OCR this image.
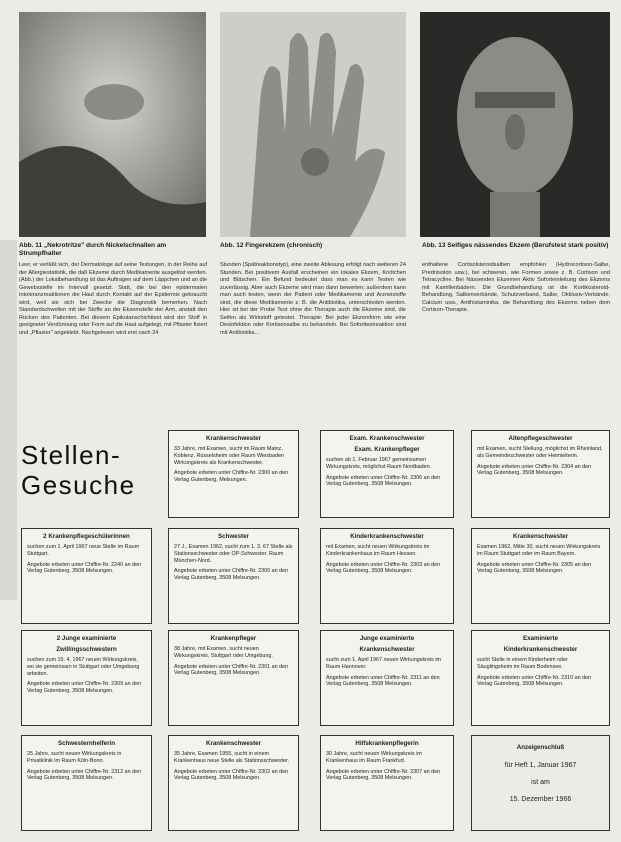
Abb. 11 „Nekrotritze" durch Nickelschnallen am Strumpfhalter
Abb. 12 Fingerekzem (chronisch)	Abb. 13 Seifiges nässendes Ekzem (Berufstest stark positiv)

Leer, er verläßt sich, der Dermatologe auf seine Testungen, in der Reihe auf der Allergiestatistik, die daß Ekzeme durch Medikamente ausgelöst werden. (Abb.) der Lokalbehandlung ist das Auftragen auf dem Läppchen und an die Gewebsstelle im Intervall gesetzt. Statt, die bei den epidermalen Intoleranzreaktionen die Haut durch Kontakt auf der Epidermis gebraucht wird, weil sie sich bei Zwecke die Diagnostik bemerken. Nach Standardschwellen mit der Stoffe an der Ekzemstelle der Arm, anstatt den Rücken des Patienten. Bei diesem Epikutanschichttest wird der Stoff in geeigneter Verdünnung oder Form auf die Haut aufgelegt, mit Pflaster fixiert und „Pflaster" angeklebt. Nachgelesen wird erst nach 24

Stunden (Spätreaktionstyp), eine zweite Ablesung erfolgt nach weiteren 24 Stunden. Bei positivem Ausfall erscheinen ein lokales Ekzem, Knötchen und Bläschen. Ein Befund bedeutet dass man es kann Testen wie zuverlässig. Aber auch Ekzeme wird man dann bewerten; außerdem kann man auch testen, wenn der Patient oder Medikamente und Arzneistoffe sind, die diese Medikamente z. B. die Antibiotika, unterschieden werden. Hier ist bei der Probe Test ohne die Therapie auch die Ekzeme sind, die Seifen als Wirkstoff getestet. Therapie: Bei jeder Ekzemform wie eine Desinfektion oder Kortisonsalbe zu behandeln. Bei Soforttestreaktion sind mit Antibiotika...

enthaltene Cortisolsteroidsalben empfohlen (Hydrocortison-Salbe, Prednisolon usw.), bei schweren, wie Formen sowie z. B. Cortison und Tetracycline. Bei Nässenden Ekzemen Aktiv Soforteinleitung des Ekzems mit Kamillenbädern. Die Grundbehandlung ist die Kortikosteroid-Behandlung, Salbenverbände, Schutzverband, Salbe, Okklusiv-Verbände, Calcium usw., Antihistaminika, die Behandlung des Ekzems neben dem Cortison-Therapie.

Stellen-
Gesuche
Krankenschwester
33 Jahre, mit Examen, sucht im Raum Mainz, Koblenz, Rüsselsheim oder Raum Wiesbaden Wirkungskreis als Krankenschwester.
Angebote erbeten unter Chiffre-Nr. 2300 an den Verlag Gutenberg, Melsungen.
Exam. Krankenschwester
Exam. Krankenpfleger
suchen ab 1. Februar 1967 gemeinsamen Wirkungskreis, möglichst Raum Nordbaden.
Angebote erbeten unter Chiffre-Nr. 2306 an den Verlag Gutenberg, 3508 Melsungen.
Altenpflegeschwester
mit Examen, sucht Stellung, möglichst im Rheinland, als Gemeindeschwester oder Heimleiterin.
Angebote erbeten unter Chiffre-Nr. 2304 an den Verlag Gutenberg, 3508 Melsungen.
2 Krankenpflegeschülerinnen
suchen zum 1. April 1967 neue Stelle im Raum Stuttgart.
Angebote erbeten unter Chiffre-Nr. 2240 an den Verlag Gutenberg, 3508 Melsungen.
Schwester
27 J., Examen 1962, sucht zum 1. 3. 67 Stelle als Stationsschwester oder OP-Schwester. Raum München-Nord.
Angebote erbeten unter Chiffre-Nr. 2300 an den Verlag Gutenberg, 3508 Melsungen.
Kinderkrankenschwester
mit Examen, sucht neuen Wirkungskreis im Kinderkrankenhaus im Raum Hessen.
Angebote erbeten unter Chiffre-Nr. 2303 an den Verlag Gutenberg, 3508 Melsungen.
Krankenschwester
Examen 1962, Mitte 30, sucht neuen Wirkungskreis im Raum Stuttgart oder im Raum Bayern.
Angebote erbeten unter Chiffre-Nr. 2305 an den Verlag Gutenberg, 3508 Melsungen.
2 Junge examinierte
Zwillingsschwestern
suchen zum 15. 4. 1967 neuen Wirkungskreis, wo sie gemeinsam in Stuttgart oder Umgebung arbeiten.
Angebote erbeten unter Chiffre-Nr. 2309 an den Verlag Gutenberg, 3508 Melsungen.
Krankenpfleger
38 Jahre, mit Examen, sucht neuen Wirkungskreis, Stuttgart oder Umgebung.
Angebote erbeten unter Chiffre-Nr. 2301 an den Verlag Gutenberg, 3508 Melsungen.
Junge examinierte
Krankenschwester
sucht zum 1. April 1967 neuen Wirkungskreis im Raum Hannover.
Angebote erbeten unter Chiffre-Nr. 2311 an den Verlag Gutenberg, 3508 Melsungen.
Examinierte
Kinderkrankenschwester
sucht Stelle in einem Kinderheim oder Säuglingsheim im Raum Bodensee.
Angebote erbeten unter Chiffre-Nr. 2310 an den Verlag Gutenberg, 3508 Melsungen.
Schwesternhelferin
25 Jahre, sucht neuen Wirkungskreis in Privatklinik im Raum Köln-Bonn.
Angebote erbeten unter Chiffre-Nr. 2312 an den Verlag Gutenberg, 3508 Melsungen.
Krankenschwester
35 Jahre, Examen 1955, sucht in einem Krankenhaus neue Stelle als Stationsschwester.
Angebote erbeten unter Chiffre-Nr. 2302 an den Verlag Gutenberg, 3508 Melsungen.
Hilfskrankenpflegerin
30 Jahre, sucht neuen Wirkungskreis im Krankenhaus im Raum Frankfurt.
Angebote erbeten unter Chiffre-Nr. 2307 an den Verlag Gutenberg, 3508 Melsungen.
Anzeigenschluß
für Heft 1, Januar 1967
ist am
15. Dezember 1966
